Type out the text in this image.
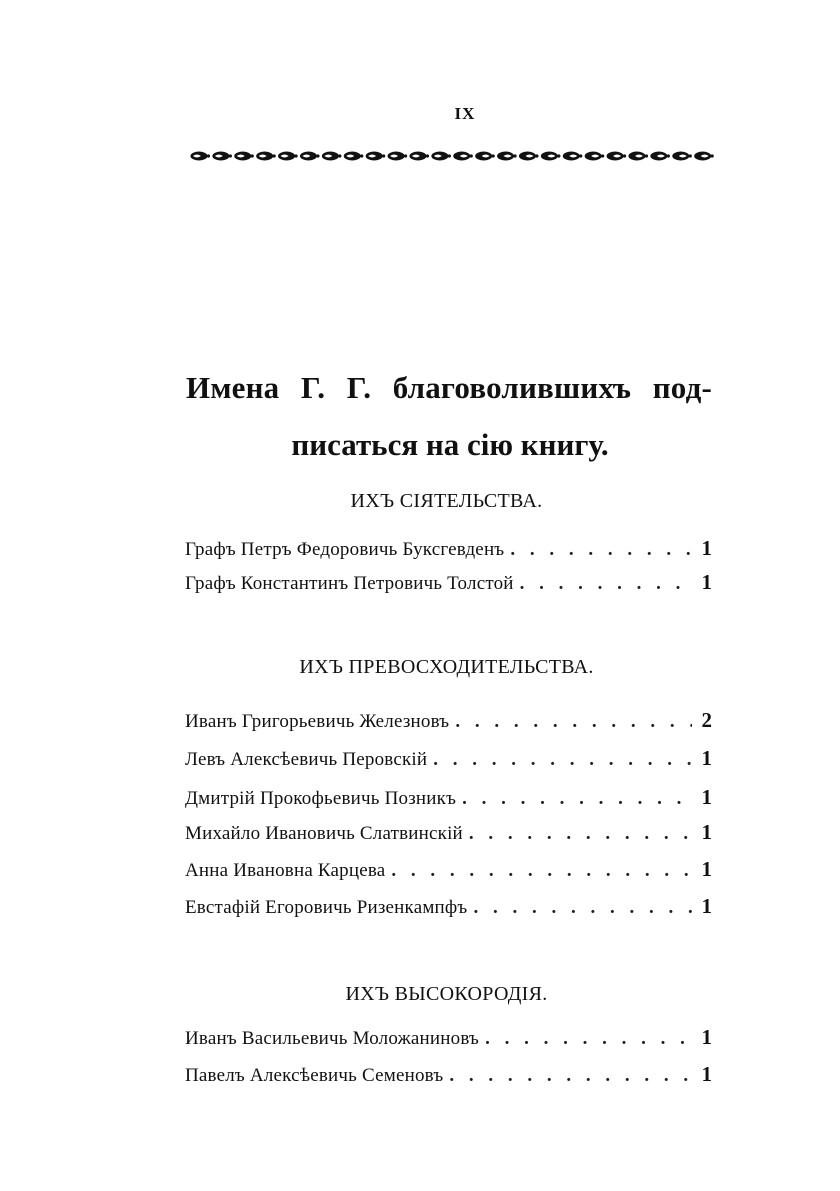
IX
Имена Г. Г. благоволившихъ под-
писаться на сiю книгу.
ИХЪ СIЯТЕЛЬСТВА.
Графъ Петръ Федоровичь Буксгевденъ . . .	1
Графъ Константинъ Петровичь Толстой . . .	1
ИХЪ ПРЕВОСХОДИТЕЛЬСТВА.
Иванъ Григорьевичь Железновъ . . .	2
Левъ Алексѣевичь Перовскiй . . .	1
Дмитрiй Прокофьевичь Позникъ . . .	1
Михайло Ивановичь Слатвинскiй . . .	1
Анна Ивановна Карцева . . .	1
Евстафiй Егоровичь Ризенкампфъ . . .	1
ИХЪ ВЫСОКОРОДIЯ.
Иванъ Васильевичь Моложаниновъ . . .	1
Павелъ Алексѣевичь Семеновъ . . .	1
